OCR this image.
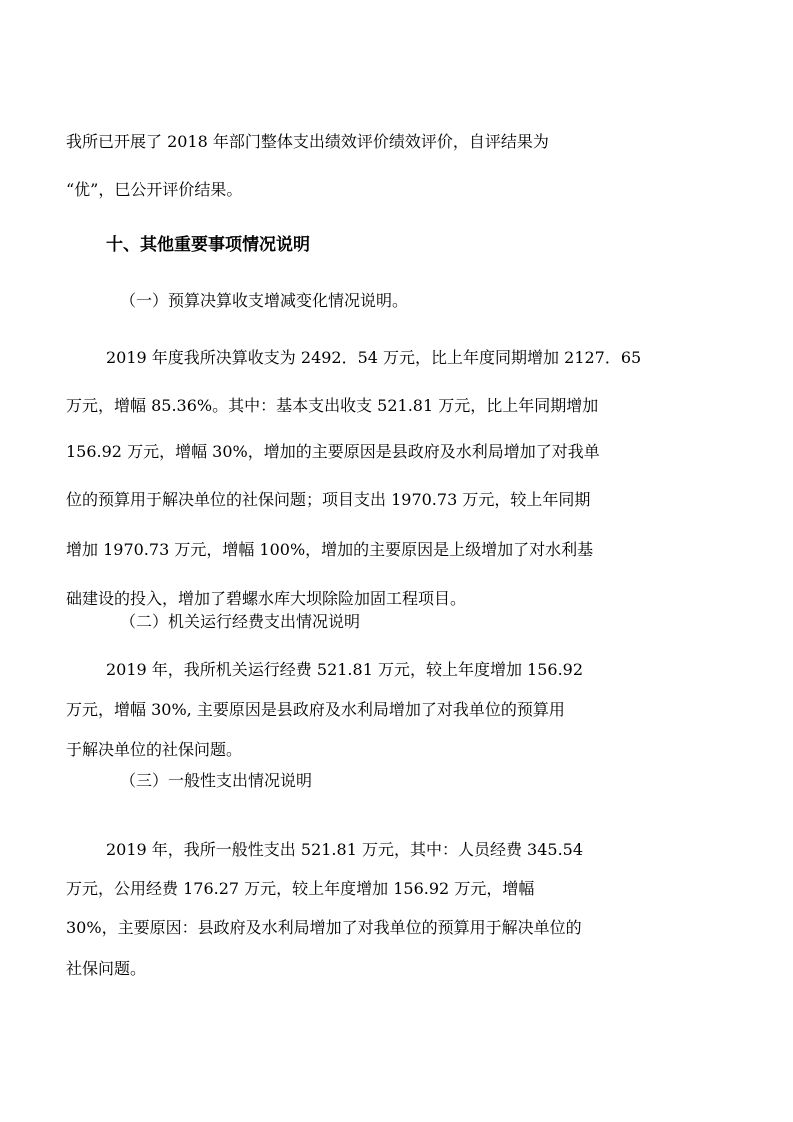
我所已开展了 2018 年部门整体支出绩效评价绩效评价，自评结果为
“优”，巳公开评价结果。
十、其他重要事项情况说明
（一）预算决算收支增减变化情况说明。
2019 年度我所决算收支为 2492．54 万元，比上年度同期增加 2127．65
万元，增幅 85.36%。其中：基本支出收支 521.81 万元，比上年同期增加
156.92 万元，增幅 30%，增加的主要原因是县政府及水利局增加了对我单
位的预算用于解决单位的社保问题；项目支出 1970.73 万元，较上年同期
增加 1970.73 万元，增幅 100%，增加的主要原因是上级增加了对水利基
础建设的投入，增加了碧螺水库大坝除险加固工程项目。
（二）机关运行经费支出情况说明
2019 年，我所机关运行经费 521.81 万元，较上年度增加 156.92
万元，增幅 30%, 主要原因是县政府及水利局增加了对我单位的预算用
于解决单位的社保问题。
（三）一般性支出情况说明
2019 年，我所一般性支出 521.81 万元，其中：人员经费 345.54
万元，公用经费 176.27 万元，较上年度增加 156.92 万元，增幅
30%，主要原因：县政府及水利局增加了对我单位的预算用于解决单位的
社保问题。
